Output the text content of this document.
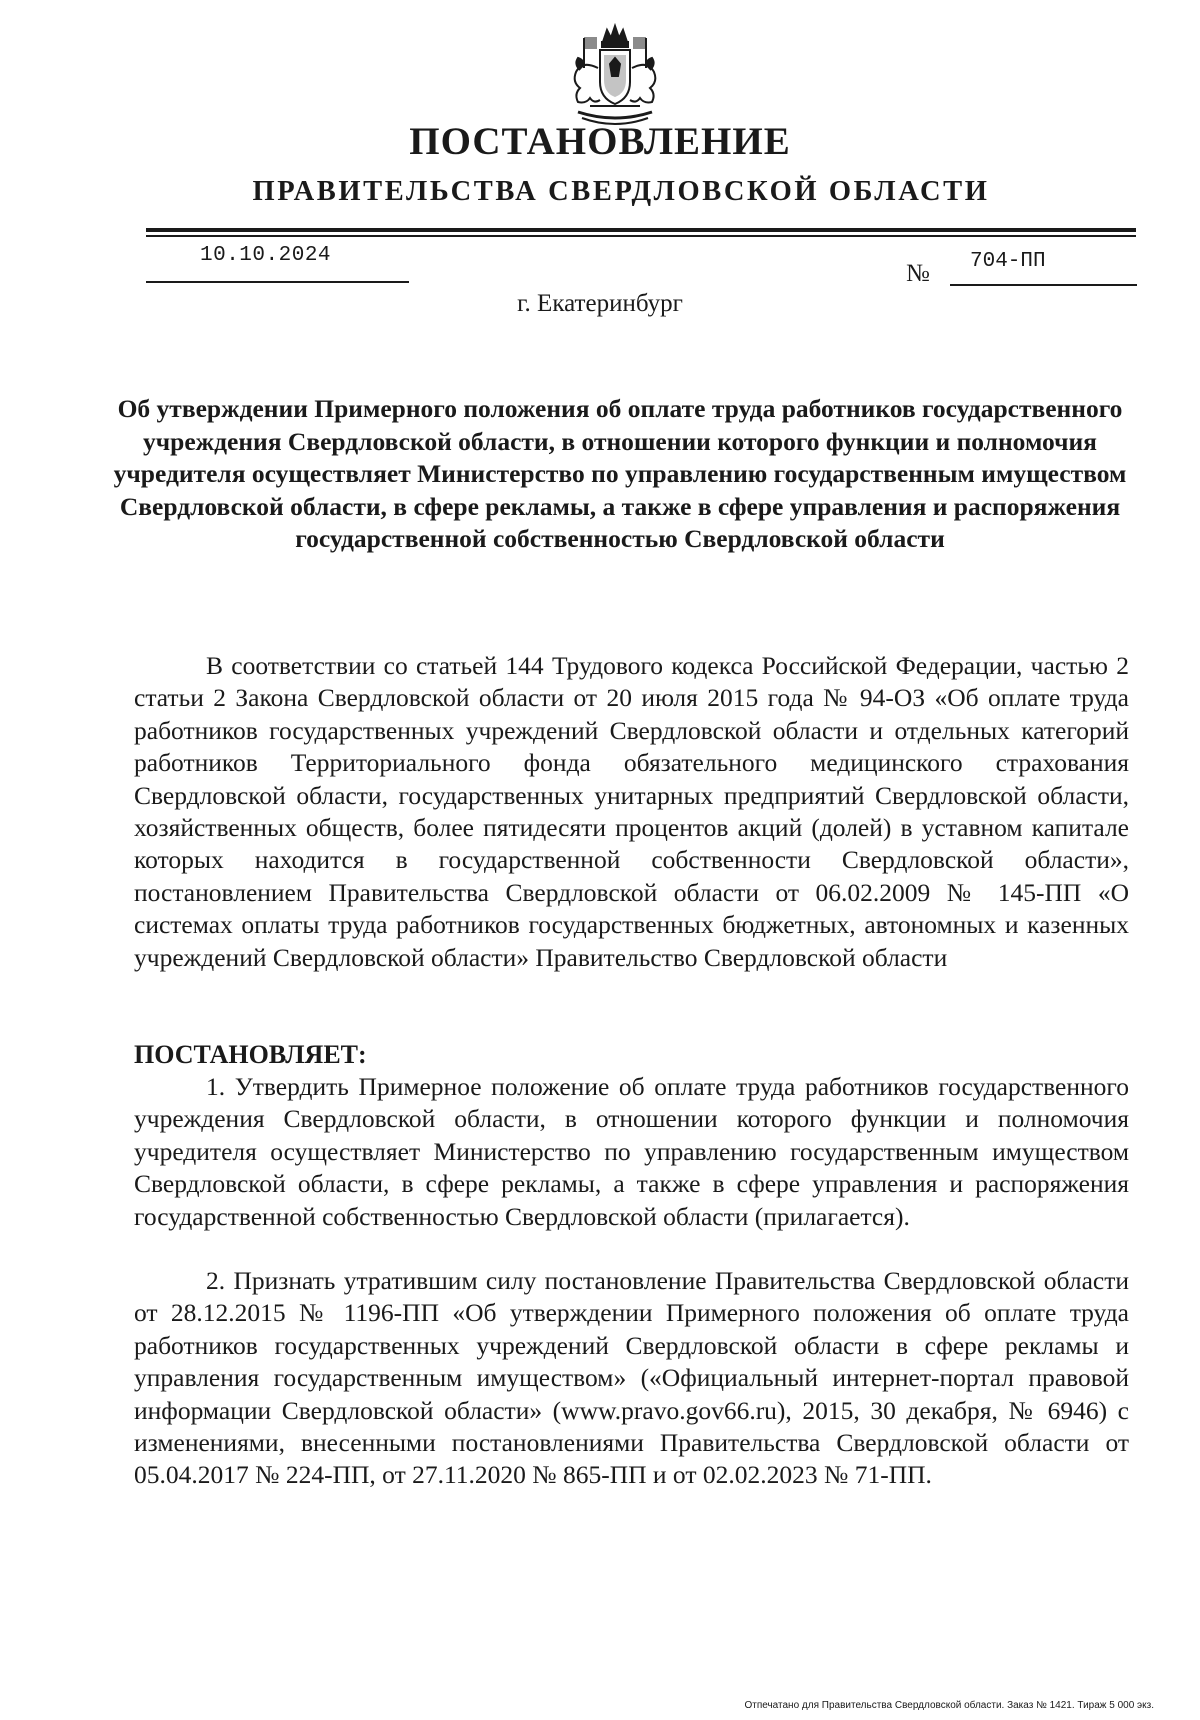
ПОСТАНОВЛЕНИЕ
ПРАВИТЕЛЬСТВА СВЕРДЛОВСКОЙ ОБЛАСТИ
10.10.2024
№ 704-ПП
г. Екатеринбург
Об утверждении Примерного положения об оплате труда работников государственного учреждения Свердловской области, в отношении которого функции и полномочия учредителя осуществляет Министерство по управлению государственным имуществом Свердловской области, в сфере рекламы, а также в сфере управления и распоряжения государственной собственностью Свердловской области
В соответствии со статьей 144 Трудового кодекса Российской Федерации, частью 2 статьи 2 Закона Свердловской области от 20 июля 2015 года № 94-ОЗ «Об оплате труда работников государственных учреждений Свердловской области и отдельных категорий работников Территориального фонда обязательного медицинского страхования Свердловской области, государственных унитарных предприятий Свердловской области, хозяйственных обществ, более пятидесяти процентов акций (долей) в уставном капитале которых находится в государственной собственности Свердловской области», постановлением Правительства Свердловской области от 06.02.2009 № 145-ПП «О системах оплаты труда работников государственных бюджетных, автономных и казенных учреждений Свердловской области» Правительство Свердловской области
ПОСТАНОВЛЯЕТ:
1. Утвердить Примерное положение об оплате труда работников государственного учреждения Свердловской области, в отношении которого функции и полномочия учредителя осуществляет Министерство по управлению государственным имуществом Свердловской области, в сфере рекламы, а также в сфере управления и распоряжения государственной собственностью Свердловской области (прилагается).
2. Признать утратившим силу постановление Правительства Свердловской области от 28.12.2015 № 1196-ПП «Об утверждении Примерного положения об оплате труда работников государственных учреждений Свердловской области в сфере рекламы и управления государственным имуществом» («Официальный интернет-портал правовой информации Свердловской области» (www.pravo.gov66.ru), 2015, 30 декабря, № 6946) с изменениями, внесенными постановлениями Правительства Свердловской области от 05.04.2017 № 224-ПП, от 27.11.2020 № 865-ПП и от 02.02.2023 № 71-ПП.
Отпечатано для Правительства Свердловской области. Заказ № 1421. Тираж 5 000 экз.
